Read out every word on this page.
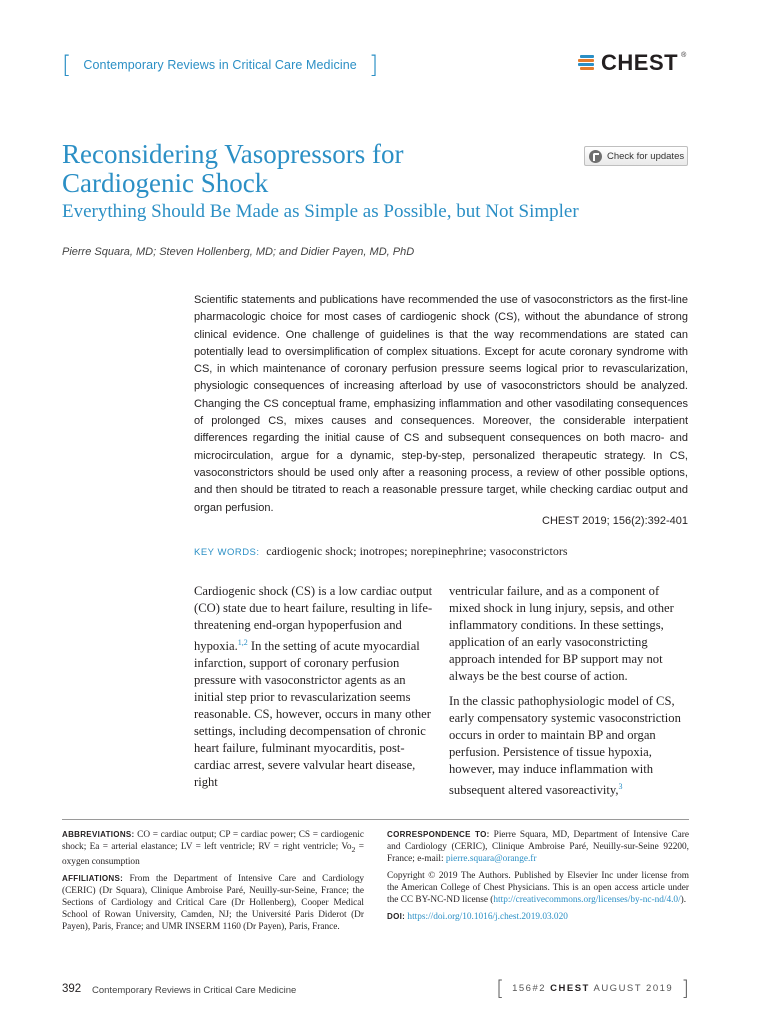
[ Contemporary Reviews in Critical Care Medicine ]	CHEST ®
Check for updates
Reconsidering Vasopressors for Cardiogenic Shock
Everything Should Be Made as Simple as Possible, but Not Simpler
Pierre Squara, MD; Steven Hollenberg, MD; and Didier Payen, MD, PhD
Scientific statements and publications have recommended the use of vasoconstrictors as the first-line pharmacologic choice for most cases of cardiogenic shock (CS), without the abundance of strong clinical evidence. One challenge of guidelines is that the way recommendations are stated can potentially lead to oversimplification of complex situations. Except for acute coronary syndrome with CS, in which maintenance of coronary perfusion pressure seems logical prior to revascularization, physiologic consequences of increasing afterload by use of vasoconstrictors should be analyzed. Changing the CS conceptual frame, emphasizing inflammation and other vasodilating consequences of prolonged CS, mixes causes and consequences. Moreover, the considerable interpatient differences regarding the initial cause of CS and subsequent consequences on both macro- and microcirculation, argue for a dynamic, step-by-step, personalized therapeutic strategy. In CS, vasoconstrictors should be used only after a reasoning process, a review of other possible options, and then should be titrated to reach a reasonable pressure target, while checking cardiac output and organ perfusion.
CHEST 2019; 156(2):392-401
KEY WORDS: cardiogenic shock; inotropes; norepinephrine; vasoconstrictors

Cardiogenic shock (CS) is a low cardiac output (CO) state due to heart failure, resulting in life-threatening end-organ hypoperfusion and hypoxia.$^{1,2}$ In the setting of acute myocardial infarction, support of coronary perfusion pressure with vasoconstrictor agents as an initial step prior to revascularization seems reasonable. CS, however, occurs in many other settings, including decompensation of chronic heart failure, fulminant myocarditis, post-cardiac arrest, severe valvular heart disease, right

ventricular failure, and as a component of mixed shock in lung injury, sepsis, and other inflammatory conditions. In these settings, application of an early vasoconstricting approach intended for BP support may not always be the best course of action.

In the classic pathophysiologic model of CS, early compensatory systemic vasoconstriction occurs in order to maintain BP and organ perfusion. Persistence of tissue hypoxia, however, may induce inflammation with subsequent altered vasoreactivity,$^3$

ABBREVIATIONS: CO = cardiac output; CP = cardiac power; CS = cardiogenic shock; Ea = arterial elastance; LV = left ventricle; RV = right ventricle; $Vo_2$ = oxygen consumption

AFFILIATIONS: From the Department of Intensive Care and Cardiology (CERIC) (Dr Squara), Clinique Ambroise Paré, Neuilly-sur-Seine, France; the Sections of Cardiology and Critical Care (Dr Hollenberg), Cooper Medical School of Rowan University, Camden, NJ; the Université Paris Diderot (Dr Payen), Paris, France; and UMR INSERM 1160 (Dr Payen), Paris, France.

CORRESPONDENCE TO: Pierre Squara, MD, Department of Intensive Care and Cardiology (CERIC), Clinique Ambroise Paré, Neuilly-sur-Seine 92200, France; e-mail: pierre.squara@orange.fr

Copyright © 2019 The Authors. Published by Elsevier Inc under license from the American College of Chest Physicians. This is an open access article under the CC BY-NC-ND license (http://creativecommons.org/licenses/by-nc-nd/4.0/).

DOI: https://doi.org/10.1016/j.chest.2019.03.020

392 Contemporary Reviews in Critical Care Medicine	[ 156#2 CHEST AUGUST 2019 ]
